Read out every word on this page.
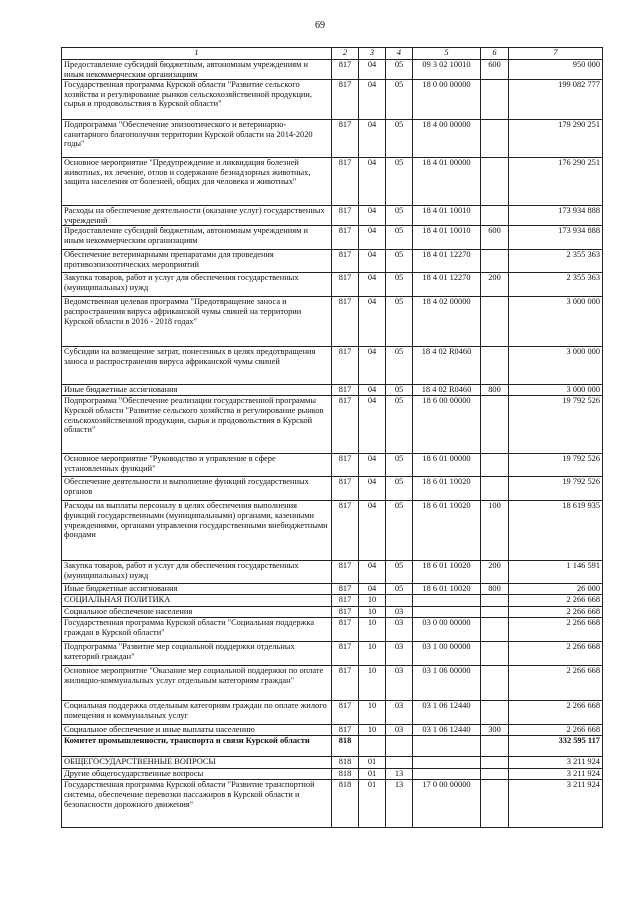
69
1	2	3	4	5	6	7
Предоставление субсидий бюджетным, автономным учреждениям и иным некоммерческим организациям	817	04	05	09 3 02 10010	600	950 000
Государственная программа Курской области "Развитие сельского хозяйства и регулирование рынков сельскохозяйственной продукции, сырья и продовольствия в Курской области"	817	04	05	18 0 00 00000		199 082 777
Подпрограмма "Обеспечение эпизоотического и ветеринарно-санитарного благополучия территории Курской области на 2014-2020 годы"	817	04	05	18 4 00 00000		179 290 251
Основное мероприятие "Предупреждение и ликвидация болезней животных, их лечение, отлов и содержание безнадзорных животных, защита населения от болезней, общих для человека и животных"	817	04	05	18 4 01 00000		176 290 251
Расходы на обеспечение деятельности (оказание услуг) государственных учреждений	817	04	05	18 4 01 10010		173 934 888
Предоставление субсидий бюджетным, автономным учреждениям и иным некоммерческим организациям	817	04	05	18 4 01 10010	600	173 934 888
Обеспечение ветеринарными препаратами для проведения противоэпизоотических мероприятий	817	04	05	18 4 01 12270		2 355 363
Закупка товаров, работ и услуг для обеспечения государственных (муниципальных) нужд	817	04	05	18 4 01 12270	200	2 355 363
Ведомственная целевая программа "Предотвращение заноса и распространения вируса африканской чумы свиней на территории Курской области в 2016 - 2018 годах"	817	04	05	18 4 02 00000		3 000 000
Субсидии на возмещение затрат, понесенных в целях предотвращения заноса и распространения вируса африканской чумы свиней	817	04	05	18 4 02 R0460		3 000 000
Иные бюджетные ассигнования	817	04	05	18 4 02 R0460	800	3 000 000
Подпрограмма "Обеспечение реализации государственной программы Курской области "Развитие сельского хозяйства и регулирование рынков сельскохозяйственной продукции, сырья и продовольствия в Курской области"	817	04	05	18 6 00 00000		19 792 526
Основное мероприятие "Руководство и управление в сфере установленных функций"	817	04	05	18 6 01 00000		19 792 526
Обеспечение деятельности и выполнение функций государственных органов	817	04	05	18 6 01 10020		19 792 526
Расходы на выплаты персоналу в целях обеспечения выполнения функций государственными (муниципальными) органами, казенными учреждениями, органами управления государственными внебюджетными фондами	817	04	05	18 6 01 10020	100	18 619 935
Закупка товаров, работ и услуг для обеспечения государственных (муниципальных) нужд	817	04	05	18 6 01 10020	200	1 146 591
Иные бюджетные ассигнования	817	04	05	18 6 01 10020	800	26 000
СОЦИАЛЬНАЯ ПОЛИТИКА	817	10				2 266 668
Социальное обеспечение населения	817	10	03			2 266 668
Государственная программа Курской области "Социальная поддержка граждан в Курской области"	817	10	03	03 0 00 00000		2 266 668
Подпрограмма "Развитие мер социальной поддержки отдельных категорий граждан"	817	10	03	03 1 00 00000		2 266 668
Основное мероприятие "Оказание мер социальной поддержки по оплате жилищно-коммунальных услуг отдельным категориям граждан"	817	10	03	03 1 06 00000		2 266 668
Социальная поддержка отдельным категориям граждан по оплате жилого помещения и коммунальных услуг	817	10	03	03 1 06 12440		2 266 668
Социальное обеспечение и иные выплаты населению	817	10	03	03 1 06 12440	300	2 266 668
Комитет промышленности, транспорта и связи Курской области	818					332 595 117
ОБЩЕГОСУДАРСТВЕННЫЕ ВОПРОСЫ	818	01				3 211 924
Другие общегосударственные вопросы	818	01	13			3 211 924
Государственная программа Курской области "Развитие транспортной системы, обеспечение перевозки пассажиров в Курской области и безопасности дорожного движения"	818	01	13	17 0 00 00000		3 211 924
